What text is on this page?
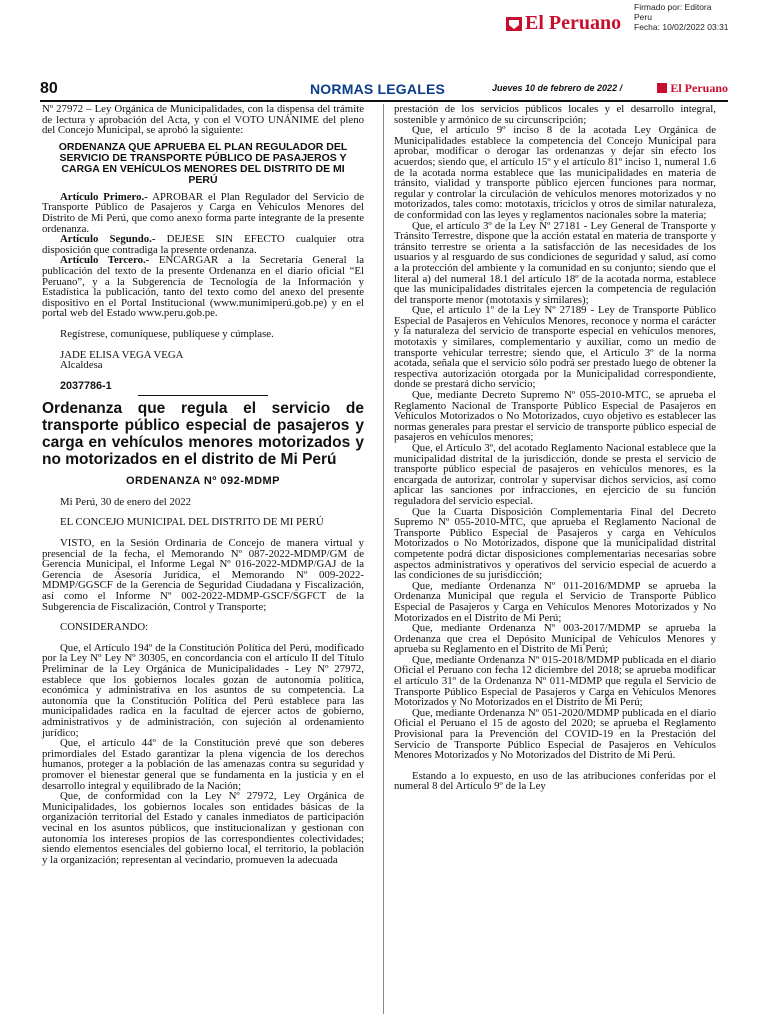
Firmado por: Editora
Peru
Fecha: 10/02/2022 03:31
El Peruano
80	NORMAS LEGALES	Jueves 10 de febrero de 2022 /	El Peruano

Nº 27972 – Ley Orgánica de Municipalidades, con la dispensa del trámite de lectura y aprobación del Acta, y con el VOTO UNÁNIME del pleno del Concejo Municipal, se aprobó la siguiente:

ORDENANZA QUE APRUEBA EL PLAN REGULADOR DEL SERVICIO DE TRANSPORTE PÚBLICO DE PASAJEROS Y CARGA EN VEHÍCULOS MENORES DEL DISTRITO DE MI PERÚ

Artículo Primero.- APROBAR el Plan Regulador del Servicio de Transporte Público de Pasajeros y Carga en Vehículos Menores del Distrito de Mi Perú, que como anexo forma parte integrante de la presente ordenanza.

Artículo Segundo.- DEJESE SIN EFECTO cualquier otra disposición que contradiga la presente ordenanza.

Artículo Tercero.- ENCARGAR a la Secretaría General la publicación del texto de la presente Ordenanza en el diario oficial “El Peruano”, y a la Subgerencia de Tecnología de la Información y Estadística la publicación, tanto del texto como del anexo del presente dispositivo en el Portal Institucional (www.munimiperú.gob.pe) y en el portal web del Estado www.peru.gob.pe.

Regístrese, comuníquese, publíquese y cúmplase.

JADE ELISA VEGA VEGA

Alcaldesa

2037786-1

Ordenanza que regula el servicio de transporte público especial de pasajeros y carga en vehículos menores motorizados y no motorizados en el distrito de Mi Perú

ORDENANZA Nº 092-MDMP

Mi Perú, 30 de enero del 2022

EL CONCEJO MUNICIPAL DEL DISTRITO DE MI PERÚ

VISTO, en la Sesión Ordinaria de Concejo de manera virtual y presencial de la fecha, el Memorando Nº 087-2022-MDMP/GM de Gerencia Municipal, el Informe Legal Nº 016-2022-MDMP/GAJ de la Gerencia de Asesoría Jurídica, el Memorando Nº 009-2022-MDMP/GGSCF de la Gerencia de Seguridad Ciudadana y Fiscalización, así como el Informe Nº 002-2022-MDMP-GSCF/SGFCT de la Subgerencia de Fiscalización, Control y Transporte;

CONSIDERANDO:

Que, el Artículo 194º de la Constitución Política del Perú, modificado por la Ley Nº Ley Nº 30305, en concordancia con el artículo II del Título Preliminar de la Ley Orgánica de Municipalidades - Ley Nº 27972, establece que los gobiernos locales gozan de autonomía política, económica y administrativa en los asuntos de su competencia. La autonomía que la Constitución Política del Perú establece para las municipalidades radica en la facultad de ejercer actos de gobierno, administrativos y de administración, con sujeción al ordenamiento jurídico;

Que, el artículo 44º de la Constitución prevé que son deberes primordiales del Estado garantizar la plena vigencia de los derechos humanos, proteger a la población de las amenazas contra su seguridad y promover el bienestar general que se fundamenta en la justicia y en el desarrollo integral y equilibrado de la Nación;

Que, de conformidad con la Ley Nº 27972, Ley Orgánica de Municipalidades, los gobiernos locales son entidades básicas de la organización territorial del Estado y canales inmediatos de participación vecinal en los asuntos públicos, que institucionalizan y gestionan con autonomía los intereses propios de las correspondientes colectividades; siendo elementos esenciales del gobierno local, el territorio, la población y la organización; representan al vecindario, promueven la adecuada

prestación de los servicios públicos locales y el desarrollo integral, sostenible y armónico de su circunscripción;

Que, el artículo 9º inciso 8 de la acotada Ley Orgánica de Municipalidades establece la competencia del Concejo Municipal para aprobar, modificar o derogar las ordenanzas y dejar sin efecto los acuerdos; siendo que, el artículo 15º y el artículo 81º inciso 1, numeral 1.6 de la acotada norma establece que las municipalidades en materia de tránsito, vialidad y transporte público ejercen funciones para normar, regular y controlar la circulación de vehículos menores motorizados y no motorizados, tales como: mototaxis, triciclos y otros de similar naturaleza, de conformidad con las leyes y reglamentos nacionales sobre la materia;

Que, el artículo 3º de la Ley Nº 27181 - Ley General de Transporte y Tránsito Terrestre, dispone que la acción estatal en materia de transporte y tránsito terrestre se orienta a la satisfacción de las necesidades de los usuarios y al resguardo de sus condiciones de seguridad y salud, así como a la protección del ambiente y la comunidad en su conjunto; siendo que el literal a) del numeral 18.1 del artículo 18º de la acotada norma, establece que las municipalidades distritales ejercen la competencia de regulación del transporte menor (mototaxis y similares);

Que, el artículo 1º de la Ley Nº 27189 - Ley de Transporte Público Especial de Pasajeros en Vehículos Menores, reconoce y norma el carácter y la naturaleza del servicio de transporte especial en vehículos menores, mototaxis y similares, complementario y auxiliar, como un medio de transporte vehicular terrestre; siendo que, el Artículo 3º de la norma acotada, señala que el servicio sólo podrá ser prestado luego de obtener la respectiva autorización otorgada por la Municipalidad correspondiente, donde se prestará dicho servicio;

Que, mediante Decreto Supremo Nº 055-2010-MTC, se aprueba el Reglamento Nacional de Transporte Público Especial de Pasajeros en Vehículos Motorizados o No Motorizados, cuyo objetivo es establecer las normas generales para prestar el servicio de transporte público especial de pasajeros en vehículos menores;

Que, el Artículo 3º, del acotado Reglamento Nacional establece que la municipalidad distrital de la jurisdicción, donde se presta el servicio de transporte público especial de pasajeros en vehículos menores, es la encargada de autorizar, controlar y supervisar dichos servicios, así como aplicar las sanciones por infracciones, en ejercicio de su función reguladora del servicio especial.

Que la Cuarta Disposición Complementaria Final del Decreto Supremo Nº 055-2010-MTC, que aprueba el Reglamento Nacional de Transporte Público Especial de Pasajeros y carga en Vehículos Motorizados o No Motorizados, dispone que la municipalidad distrital competente podrá dictar disposiciones complementarias necesarias sobre aspectos administrativos y operativos del servicio especial de acuerdo a las condiciones de su jurisdicción;

Que, mediante Ordenanza Nº 011-2016/MDMP se aprueba la Ordenanza Municipal que regula el Servicio de Transporte Público Especial de Pasajeros y Carga en Vehículos Menores Motorizados y No Motorizados en el Distrito de Mi Perú;

Que, mediante Ordenanza Nº 003-2017/MDMP se aprueba la Ordenanza que crea el Depósito Municipal de Vehículos Menores y aprueba su Reglamento en el Distrito de Mi Perú;

Que, mediante Ordenanza Nº 015-2018/MDMP publicada en el diario Oficial el Peruano con fecha 12 diciembre del 2018; se aprueba modificar el artículo 31º de la Ordenanza Nº 011-MDMP que regula el Servicio de Transporte Público Especial de Pasajeros y Carga en Vehículos Menores Motorizados y No Motorizados en el Distrito de Mi Perú;

Que, mediante Ordenanza Nº 051-2020/MDMP publicada en el diario Oficial el Peruano el 15 de agosto del 2020; se aprueba el Reglamento Provisional para la Prevención del COVID-19 en la Prestación del Servicio de Transporte Público Especial de Pasajeros en Vehículos Menores Motorizados y No Motorizados del Distrito de Mi Perú.

Estando a lo expuesto, en uso de las atribuciones conferidas por el numeral 8 del Artículo 9º de la Ley
